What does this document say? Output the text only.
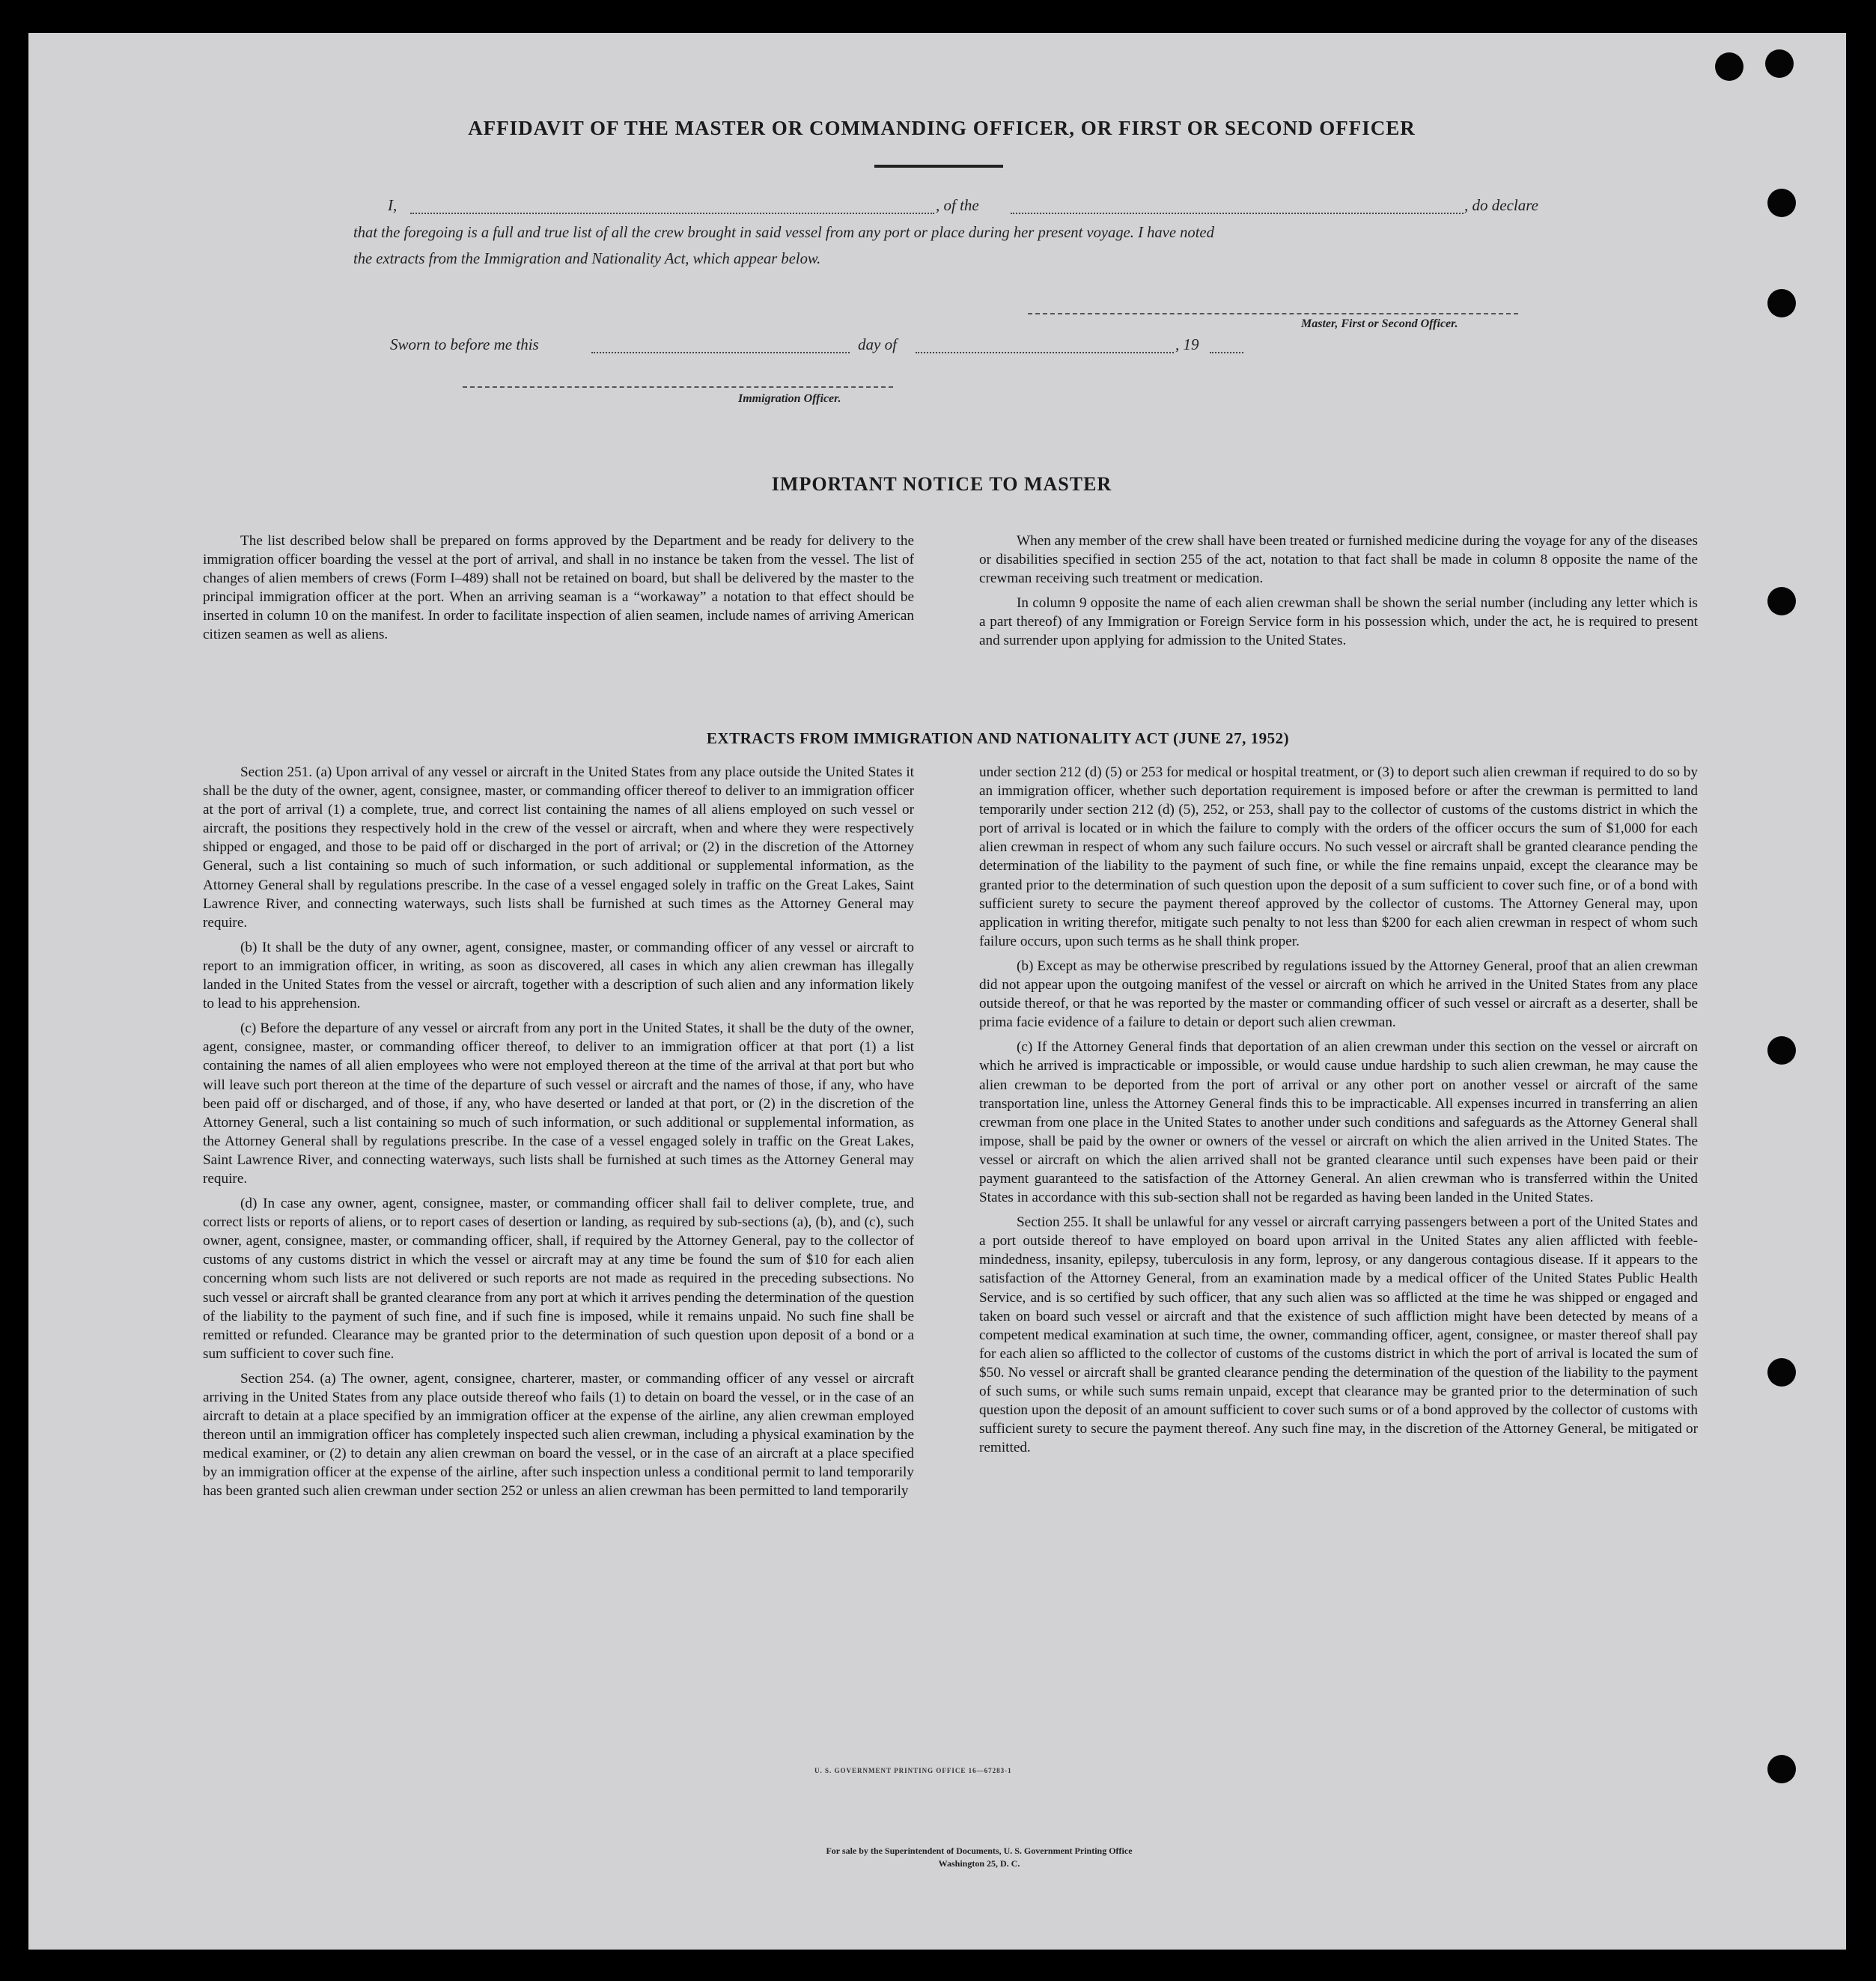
AFFIDAVIT OF THE MASTER OR COMMANDING OFFICER, OR FIRST OR SECOND OFFICER
I,	, of the	, do declare
that the foregoing is a full and true list of all the crew brought in said vessel from any port or place during her present voyage. I have noted
the extracts from the Immigration and Nationality Act, which appear below.
Master, First or Second Officer.
Sworn to before me this	day of	, 19
Immigration Officer.
IMPORTANT NOTICE TO MASTER

The list described below shall be prepared on forms approved by the Department and be ready for delivery to the immigration officer boarding the vessel at the port of arrival, and shall in no instance be taken from the vessel. The list of changes of alien members of crews (Form I–489) shall not be retained on board, but shall be delivered by the master to the principal immigration officer at the port. When an arriving seaman is a “workaway” a notation to that effect should be inserted in column 10 on the manifest. In order to facilitate inspection of alien seamen, include names of arriving American citizen seamen as well as aliens.

When any member of the crew shall have been treated or furnished medicine during the voyage for any of the diseases or disabilities specified in section 255 of the act, notation to that fact shall be made in column 8 opposite the name of the crewman receiving such treatment or medication.

In column 9 opposite the name of each alien crewman shall be shown the serial number (including any letter which is a part thereof) of any Immigration or Foreign Service form in his possession which, under the act, he is required to present and surrender upon applying for admission to the United States.

EXTRACTS FROM IMMIGRATION AND NATIONALITY ACT (JUNE 27, 1952)

Section 251. (a) Upon arrival of any vessel or aircraft in the United States from any place outside the United States it shall be the duty of the owner, agent, consignee, master, or commanding officer thereof to deliver to an immigration officer at the port of arrival (1) a complete, true, and correct list containing the names of all aliens employed on such vessel or aircraft, the positions they respectively hold in the crew of the vessel or aircraft, when and where they were respectively shipped or engaged, and those to be paid off or discharged in the port of arrival; or (2) in the discretion of the Attorney General, such a list containing so much of such information, or such additional or supplemental information, as the Attorney General shall by regulations prescribe. In the case of a vessel engaged solely in traffic on the Great Lakes, Saint Lawrence River, and connecting waterways, such lists shall be furnished at such times as the Attorney General may require.

(b) It shall be the duty of any owner, agent, consignee, master, or commanding officer of any vessel or aircraft to report to an immigration officer, in writing, as soon as discovered, all cases in which any alien crewman has illegally landed in the United States from the vessel or aircraft, together with a description of such alien and any information likely to lead to his apprehension.

(c) Before the departure of any vessel or aircraft from any port in the United States, it shall be the duty of the owner, agent, consignee, master, or commanding officer thereof, to deliver to an immigration officer at that port (1) a list containing the names of all alien employees who were not employed thereon at the time of the arrival at that port but who will leave such port thereon at the time of the departure of such vessel or aircraft and the names of those, if any, who have been paid off or discharged, and of those, if any, who have deserted or landed at that port, or (2) in the discretion of the Attorney General, such a list containing so much of such information, or such additional or supplemental information, as the Attorney General shall by regulations prescribe. In the case of a vessel engaged solely in traffic on the Great Lakes, Saint Lawrence River, and connecting waterways, such lists shall be furnished at such times as the Attorney General may require.

(d) In case any owner, agent, consignee, master, or commanding officer shall fail to deliver complete, true, and correct lists or reports of aliens, or to report cases of desertion or landing, as required by sub-sections (a), (b), and (c), such owner, agent, consignee, master, or commanding officer, shall, if required by the Attorney General, pay to the collector of customs of any customs district in which the vessel or aircraft may at any time be found the sum of $10 for each alien concerning whom such lists are not delivered or such reports are not made as required in the preceding subsections. No such vessel or aircraft shall be granted clearance from any port at which it arrives pending the determination of the question of the liability to the payment of such fine, and if such fine is imposed, while it remains unpaid. No such fine shall be remitted or refunded. Clearance may be granted prior to the determination of such question upon deposit of a bond or a sum sufficient to cover such fine.

Section 254. (a) The owner, agent, consignee, charterer, master, or commanding officer of any vessel or aircraft arriving in the United States from any place outside thereof who fails (1) to detain on board the vessel, or in the case of an aircraft to detain at a place specified by an immigration officer at the expense of the airline, any alien crewman employed thereon until an immigration officer has completely inspected such alien crewman, including a physical examination by the medical examiner, or (2) to detain any alien crewman on board the vessel, or in the case of an aircraft at a place specified by an immigration officer at the expense of the airline, after such inspection unless a conditional permit to land temporarily has been granted such alien crewman under section 252 or unless an alien crewman has been permitted to land temporarily

under section 212 (d) (5) or 253 for medical or hospital treatment, or (3) to deport such alien crewman if required to do so by an immigration officer, whether such deportation requirement is imposed before or after the crewman is permitted to land temporarily under section 212 (d) (5), 252, or 253, shall pay to the collector of customs of the customs district in which the port of arrival is located or in which the failure to comply with the orders of the officer occurs the sum of $1,000 for each alien crewman in respect of whom any such failure occurs. No such vessel or aircraft shall be granted clearance pending the determination of the liability to the payment of such fine, or while the fine remains unpaid, except the clearance may be granted prior to the determination of such question upon the deposit of a sum sufficient to cover such fine, or of a bond with sufficient surety to secure the payment thereof approved by the collector of customs. The Attorney General may, upon application in writing therefor, mitigate such penalty to not less than $200 for each alien crewman in respect of whom such failure occurs, upon such terms as he shall think proper.

(b) Except as may be otherwise prescribed by regulations issued by the Attorney General, proof that an alien crewman did not appear upon the outgoing manifest of the vessel or aircraft on which he arrived in the United States from any place outside thereof, or that he was reported by the master or commanding officer of such vessel or aircraft as a deserter, shall be prima facie evidence of a failure to detain or deport such alien crewman.

(c) If the Attorney General finds that deportation of an alien crewman under this section on the vessel or aircraft on which he arrived is impracticable or impossible, or would cause undue hardship to such alien crewman, he may cause the alien crewman to be deported from the port of arrival or any other port on another vessel or aircraft of the same transportation line, unless the Attorney General finds this to be impracticable. All expenses incurred in transferring an alien crewman from one place in the United States to another under such conditions and safeguards as the Attorney General shall impose, shall be paid by the owner or owners of the vessel or aircraft on which the alien arrived in the United States. The vessel or aircraft on which the alien arrived shall not be granted clearance until such expenses have been paid or their payment guaranteed to the satisfaction of the Attorney General. An alien crewman who is transferred within the United States in accordance with this sub-section shall not be regarded as having been landed in the United States.

Section 255. It shall be unlawful for any vessel or aircraft carrying passengers between a port of the United States and a port outside thereof to have employed on board upon arrival in the United States any alien afflicted with feeble-mindedness, insanity, epilepsy, tuberculosis in any form, leprosy, or any dangerous contagious disease. If it appears to the satisfaction of the Attorney General, from an examination made by a medical officer of the United States Public Health Service, and is so certified by such officer, that any such alien was so afflicted at the time he was shipped or engaged and taken on board such vessel or aircraft and that the existence of such affliction might have been detected by means of a competent medical examination at such time, the owner, commanding officer, agent, consignee, or master thereof shall pay for each alien so afflicted to the collector of customs of the customs district in which the port of arrival is located the sum of $50. No vessel or aircraft shall be granted clearance pending the determination of the question of the liability to the payment of such sums, or while such sums remain unpaid, except that clearance may be granted prior to the determination of such question upon the deposit of an amount sufficient to cover such sums or of a bond approved by the collector of customs with sufficient surety to secure the payment thereof. Any such fine may, in the discretion of the Attorney General, be mitigated or remitted.

U. S. GOVERNMENT PRINTING OFFICE 16—67283-1
For sale by the Superintendent of Documents, U. S. Government Printing Office
Washington 25, D. C.
